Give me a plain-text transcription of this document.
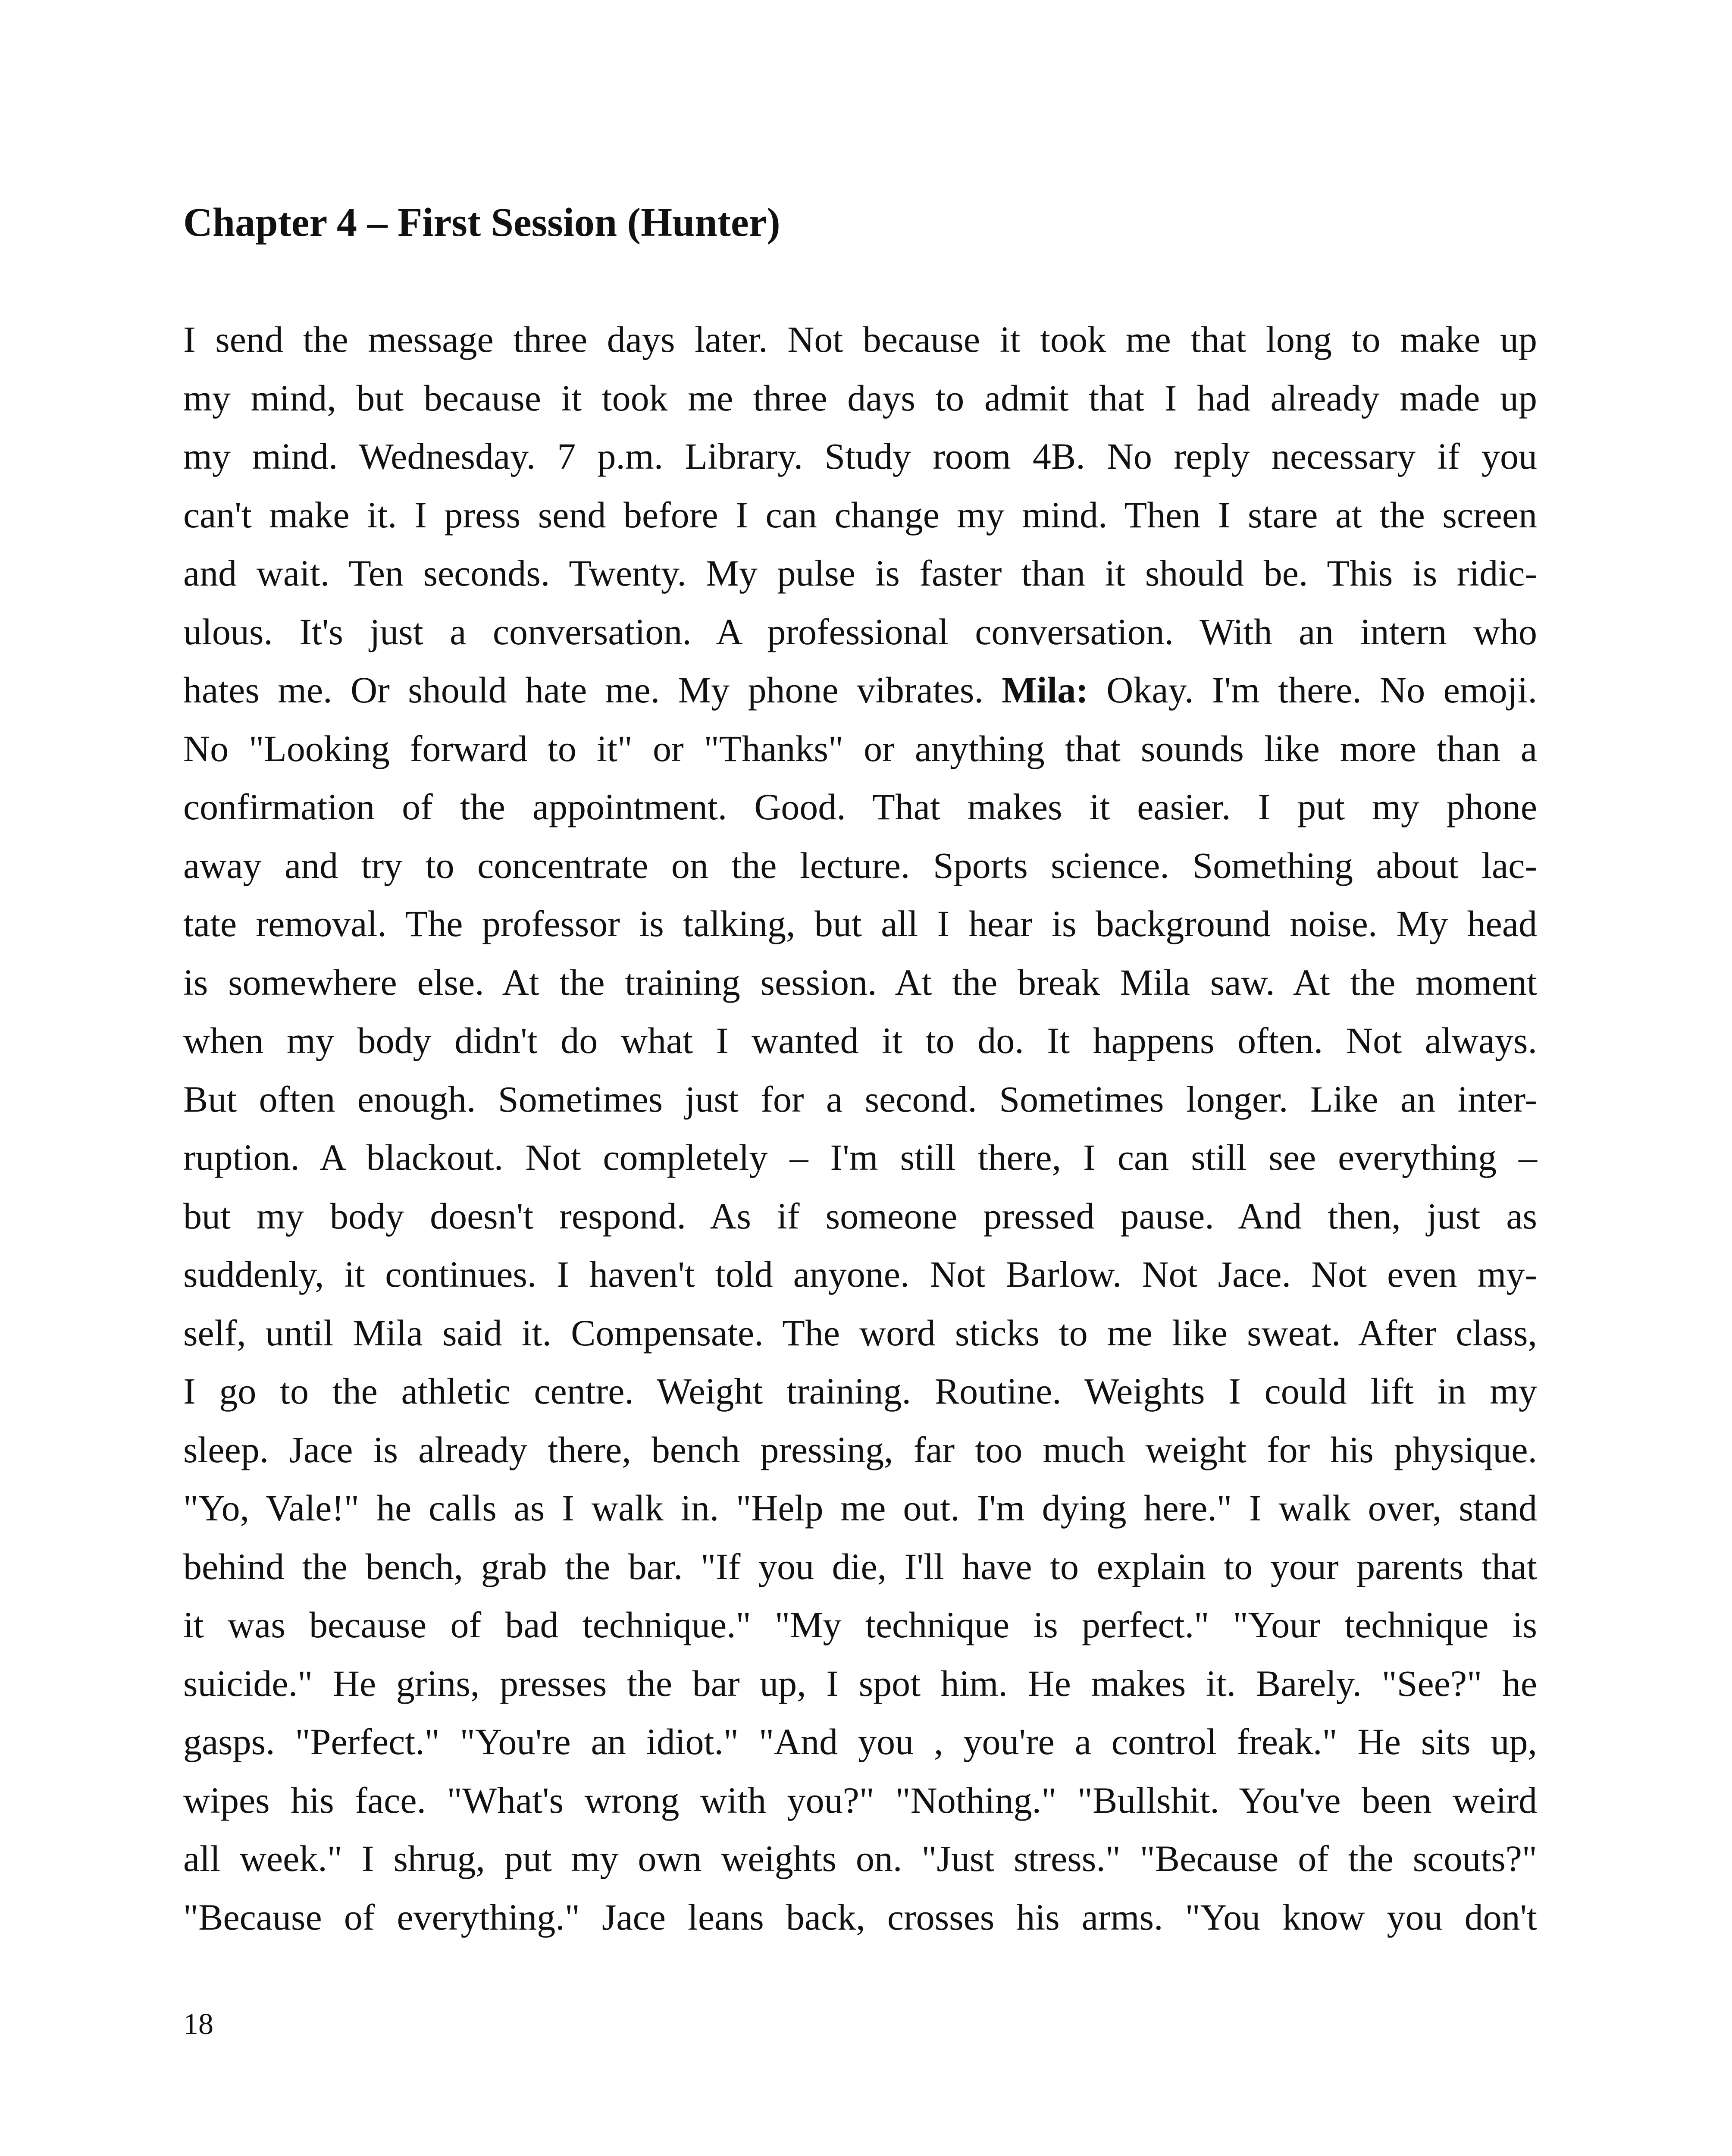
Chapter 4 – First Session (Hunter)
I send the message three days later. Not because it took me that long to make up
my mind, but because it took me three days to admit that I had already made up
my mind. Wednesday. 7 p.m. Library. Study room 4B. No reply necessary if you
can't make it. I press send before I can change my mind. Then I stare at the screen
and wait. Ten seconds. Twenty. My pulse is faster than it should be. This is ridic-
ulous. It's just a conversation. A professional conversation. With an intern who
hates me. Or should hate me. My phone vibrates. Mila: Okay. I'm there. No emoji.
No "Looking forward to it" or "Thanks" or anything that sounds like more than a
confirmation of the appointment. Good. That makes it easier. I put my phone
away and try to concentrate on the lecture. Sports science. Something about lac-
tate removal. The professor is talking, but all I hear is background noise. My head
is somewhere else. At the training session. At the break Mila saw. At the moment
when my body didn't do what I wanted it to do. It happens often. Not always.
But often enough. Sometimes just for a second. Sometimes longer. Like an inter-
ruption. A blackout. Not completely – I'm still there, I can still see everything –
but my body doesn't respond. As if someone pressed pause. And then, just as
suddenly, it continues. I haven't told anyone. Not Barlow. Not Jace. Not even my-
self, until Mila said it. Compensate. The word sticks to me like sweat. After class,
I go to the athletic centre. Weight training. Routine. Weights I could lift in my
sleep. Jace is already there, bench pressing, far too much weight for his physique.
"Yo, Vale!" he calls as I walk in. "Help me out. I'm dying here." I walk over, stand
behind the bench, grab the bar. "If you die, I'll have to explain to your parents that
it was because of bad technique." "My technique is perfect." "Your technique is
suicide." He grins, presses the bar up, I spot him. He makes it. Barely. "See?" he
gasps. "Perfect." "You're an idiot." "And you , you're a control freak." He sits up,
wipes his face. "What's wrong with you?" "Nothing." "Bullshit. You've been weird
all week." I shrug, put my own weights on. "Just stress." "Because of the scouts?"
"Because of everything." Jace leans back, crosses his arms. "You know you don't

18
